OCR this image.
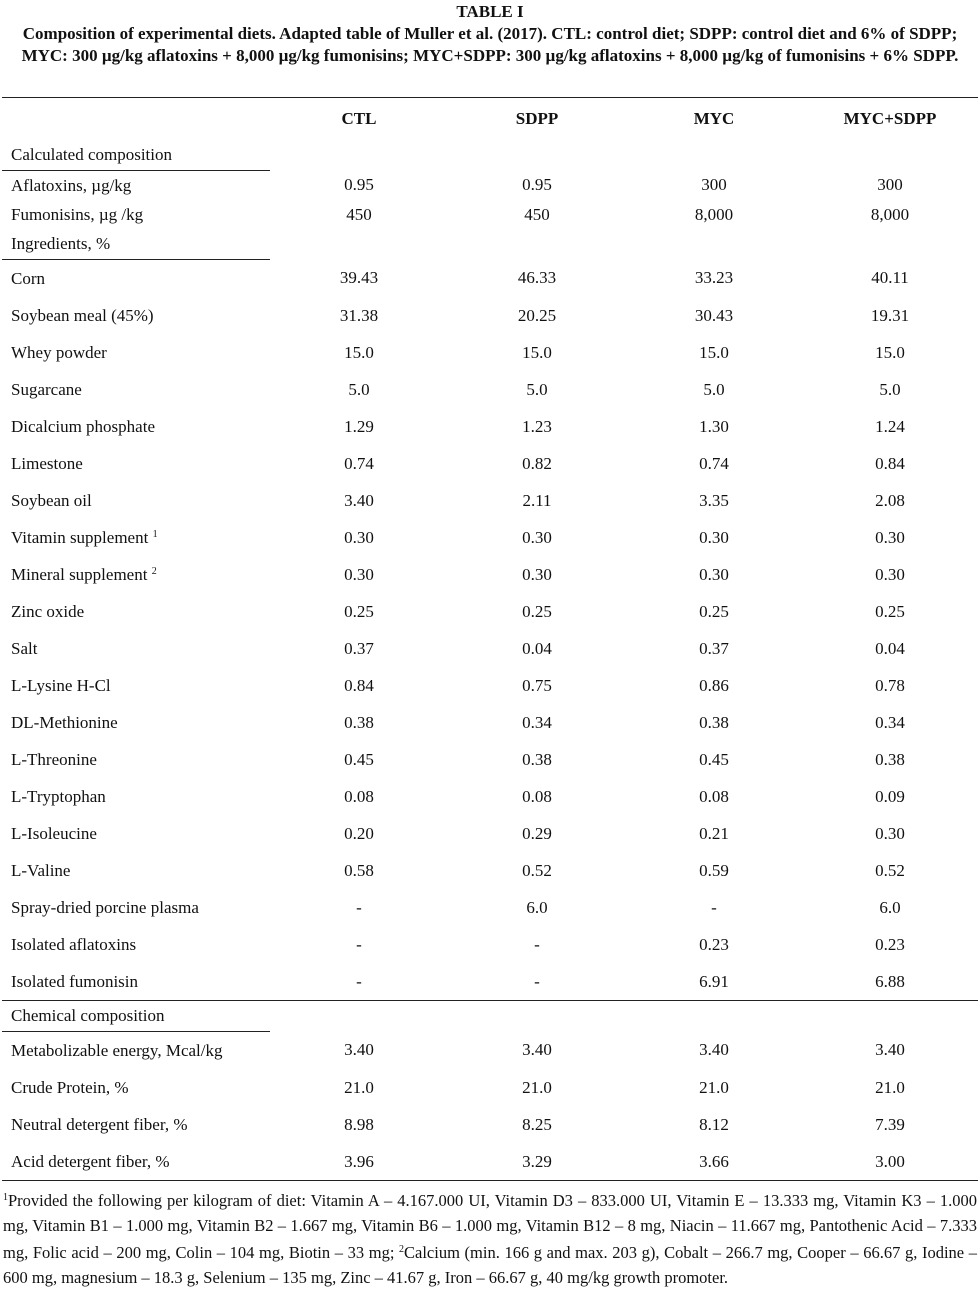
TABLE I

Composition of experimental diets. Adapted table of Muller et al. (2017). CTL: control diet; SDPP: control diet and 6% of SDPP; MYC: 300 µg/kg aflatoxins + 8,000 µg/kg fumonisins; MYC+SDPP: 300 µg/kg aflatoxins + 8,000 µg/kg of fumonisins + 6% SDPP.

	CTL	SDPP	MYC	MYC+SDPP
Calculated composition				
Aflatoxins, µg/kg	0.95	0.95	300	300
Fumonisins, µg /kg	450	450	8,000	8,000
Ingredients, %				
Corn	39.43	46.33	33.23	40.11
Soybean meal (45%)	31.38	20.25	30.43	19.31
Whey powder	15.0	15.0	15.0	15.0
Sugarcane	5.0	5.0	5.0	5.0
Dicalcium phosphate	1.29	1.23	1.30	1.24
Limestone	0.74	0.82	0.74	0.84
Soybean oil	3.40	2.11	3.35	2.08
Vitamin supplement $^1$	0.30	0.30	0.30	0.30
Mineral supplement $^2$	0.30	0.30	0.30	0.30
Zinc oxide	0.25	0.25	0.25	0.25
Salt	0.37	0.04	0.37	0.04
L-Lysine H-Cl	0.84	0.75	0.86	0.78
DL-Methionine	0.38	0.34	0.38	0.34
L-Threonine	0.45	0.38	0.45	0.38
L-Tryptophan	0.08	0.08	0.08	0.09
L-Isoleucine	0.20	0.29	0.21	0.30
L-Valine	0.58	0.52	0.59	0.52
Spray-dried porcine plasma	-	6.0	-	6.0
Isolated aflatoxins	-	-	0.23	0.23
Isolated fumonisin	-	-	6.91	6.88
Chemical composition				
Metabolizable energy, Mcal/kg	3.40	3.40	3.40	3.40
Crude Protein, %	21.0	21.0	21.0	21.0
Neutral detergent fiber, %	8.98	8.25	8.12	7.39
Acid detergent fiber, %	3.96	3.29	3.66	3.00

$^1$Provided the following per kilogram of diet: Vitamin A – 4.167.000 UI, Vitamin D3 – 833.000 UI, Vitamin E – 13.333 mg, Vitamin K3 – 1.000 mg, Vitamin B1 – 1.000 mg, Vitamin B2 – 1.667 mg, Vitamin B6 – 1.000 mg, Vitamin B12 – 8 mg, Niacin – 11.667 mg, Pantothenic Acid – 7.333 mg, Folic acid – 200 mg, Colin – 104 mg, Biotin – 33 mg; $^2$Calcium (min. 166 g and max. 203 g), Cobalt – 266.7 mg, Cooper – 66.67 g, Iodine – 600 mg, magnesium – 18.3 g, Selenium – 135 mg, Zinc – 41.67 g, Iron – 66.67 g, 40 mg/kg growth promoter.
